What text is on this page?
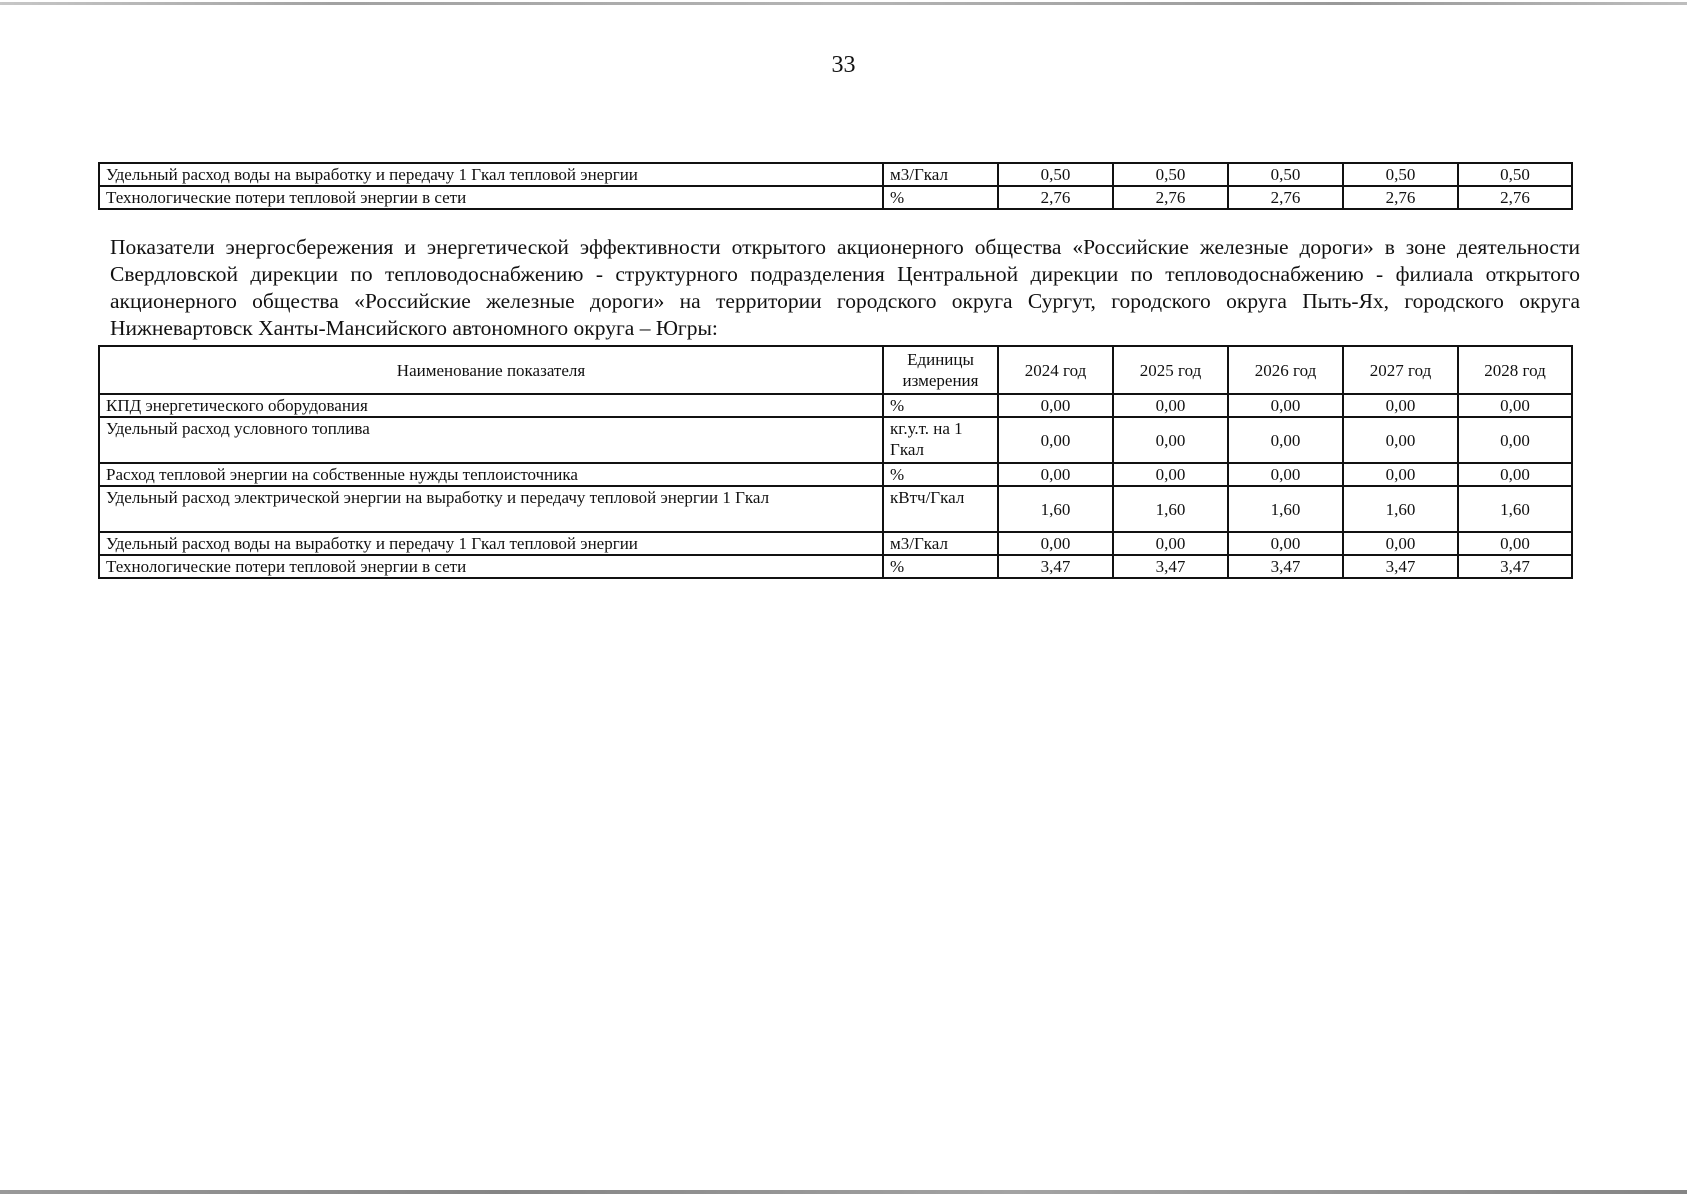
33
Удельный расход воды на выработку и передачу 1 Гкал тепловой энергии	м3/Гкал	0,50	0,50	0,50	0,50	0,50
Технологические потери тепловой энергии в сети	%	2,76	2,76	2,76	2,76	2,76
Показатели энергосбережения и энергетической эффективности открытого акционерного общества «Российские железные дороги» в зоне деятельности Свердловской дирекции по тепловодоснабжению - структурного подразделения Центральной дирекции по тепловодоснабжению - филиала открытого акционерного общества «Российские железные дороги» на территории городского округа Сургут, городского округа Пыть-Ях, городского округа Нижневартовск Ханты-Мансийского автономного округа – Югры:
Наименование показателя	Единицы измерения	2024 год	2025 год	2026 год	2027 год	2028 год
КПД энергетического оборудования	%	0,00	0,00	0,00	0,00	0,00
Удельный расход условного топлива	кг.у.т. на 1 Гкал	0,00	0,00	0,00	0,00	0,00
Расход тепловой энергии на собственные нужды теплоисточника	%	0,00	0,00	0,00	0,00	0,00
Удельный расход электрической энергии на выработку и передачу тепловой энергии 1 Гкал	кВтч/Гкал	1,60	1,60	1,60	1,60	1,60
Удельный расход воды на выработку и передачу 1 Гкал тепловой энергии	м3/Гкал	0,00	0,00	0,00	0,00	0,00
Технологические потери тепловой энергии в сети	%	3,47	3,47	3,47	3,47	3,47
